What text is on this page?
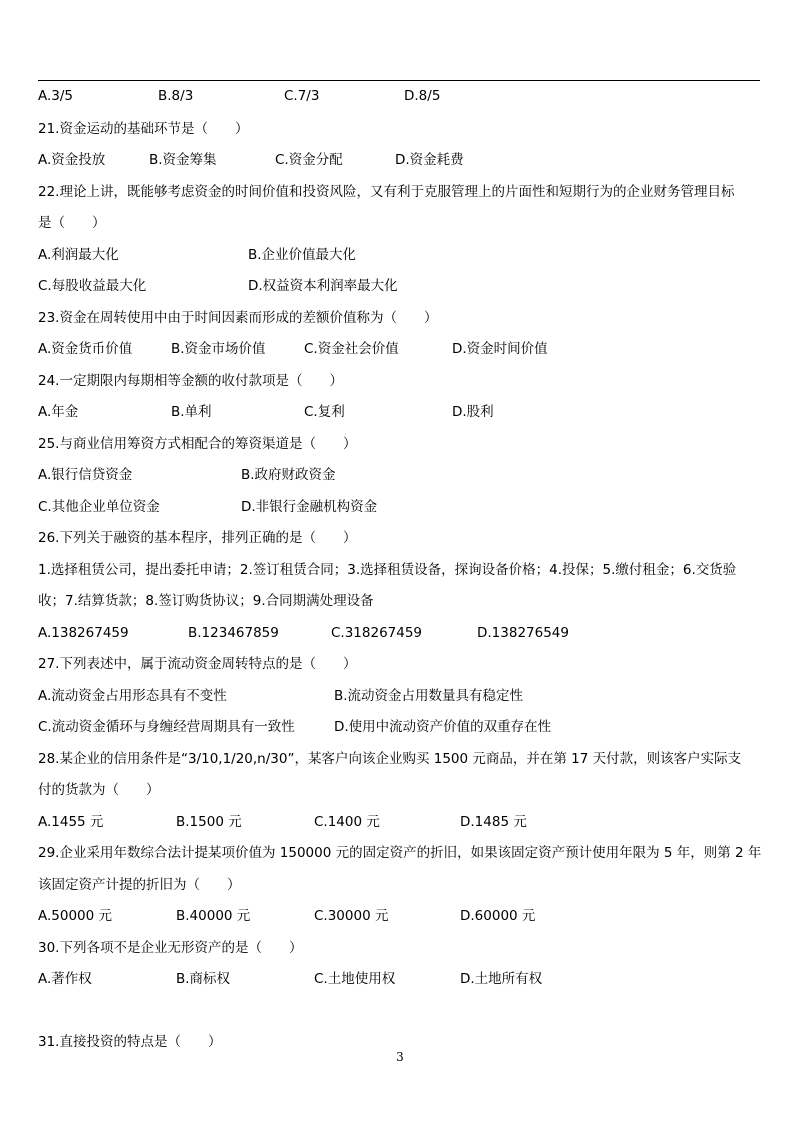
A.3/5	B.8/3	C.7/3	D.8/5
21.资金运动的基础环节是（　　）
A.资金投放	B.资金筹集	C.资金分配	D.资金耗费
22.理论上讲，既能够考虑资金的时间价值和投资风险，又有利于克服管理上的片面性和短期行为的企业财务管理目标
是（　　）
A.利润最大化	B.企业价值最大化
C.每股收益最大化	D.权益资本利润率最大化
23.资金在周转使用中由于时间因素而形成的差额价值称为（　　）
A.资金货币价值	B.资金市场价值	C.资金社会价值	D.资金时间价值
24.一定期限内每期相等金额的收付款项是（　　）
A.年金	B.单利	C.复利	D.股利
25.与商业信用筹资方式相配合的筹资渠道是（　　）
A.银行信贷资金	B.政府财政资金
C.其他企业单位资金	D.非银行金融机构资金
26.下列关于融资的基本程序，排列正确的是（　　）
1.选择租赁公司，提出委托申请；2.签订租赁合同；3.选择租赁设备，探询设备价格；4.投保；5.缴付租金；6.交货验
收；7.结算货款；8.签订购货协议；9.合同期满处理设备
A.138267459	B.123467859	C.318267459	D.138276549
27.下列表述中，属于流动资金周转特点的是（　　）
A.流动资金占用形态具有不变性	B.流动资金占用数量具有稳定性
C.流动资金循环与身缠经营周期具有一致性	D.使用中流动资产价值的双重存在性
28.某企业的信用条件是“3/10,1/20,n/30”，某客户向该企业购买 1500 元商品，并在第 17 天付款，则该客户实际支
付的货款为（　　）
A.1455 元	B.1500 元	C.1400 元	D.1485 元
29.企业采用年数综合法计提某项价值为 150000 元的固定资产的折旧，如果该固定资产预计使用年限为 5 年，则第 2 年
该固定资产计提的折旧为（　　）
A.50000 元	B.40000 元	C.30000 元	D.60000 元
30.下列各项不是企业无形资产的是（　　）
A.著作权	B.商标权	C.土地使用权	D.土地所有权
31.直接投资的特点是（　　）
3
